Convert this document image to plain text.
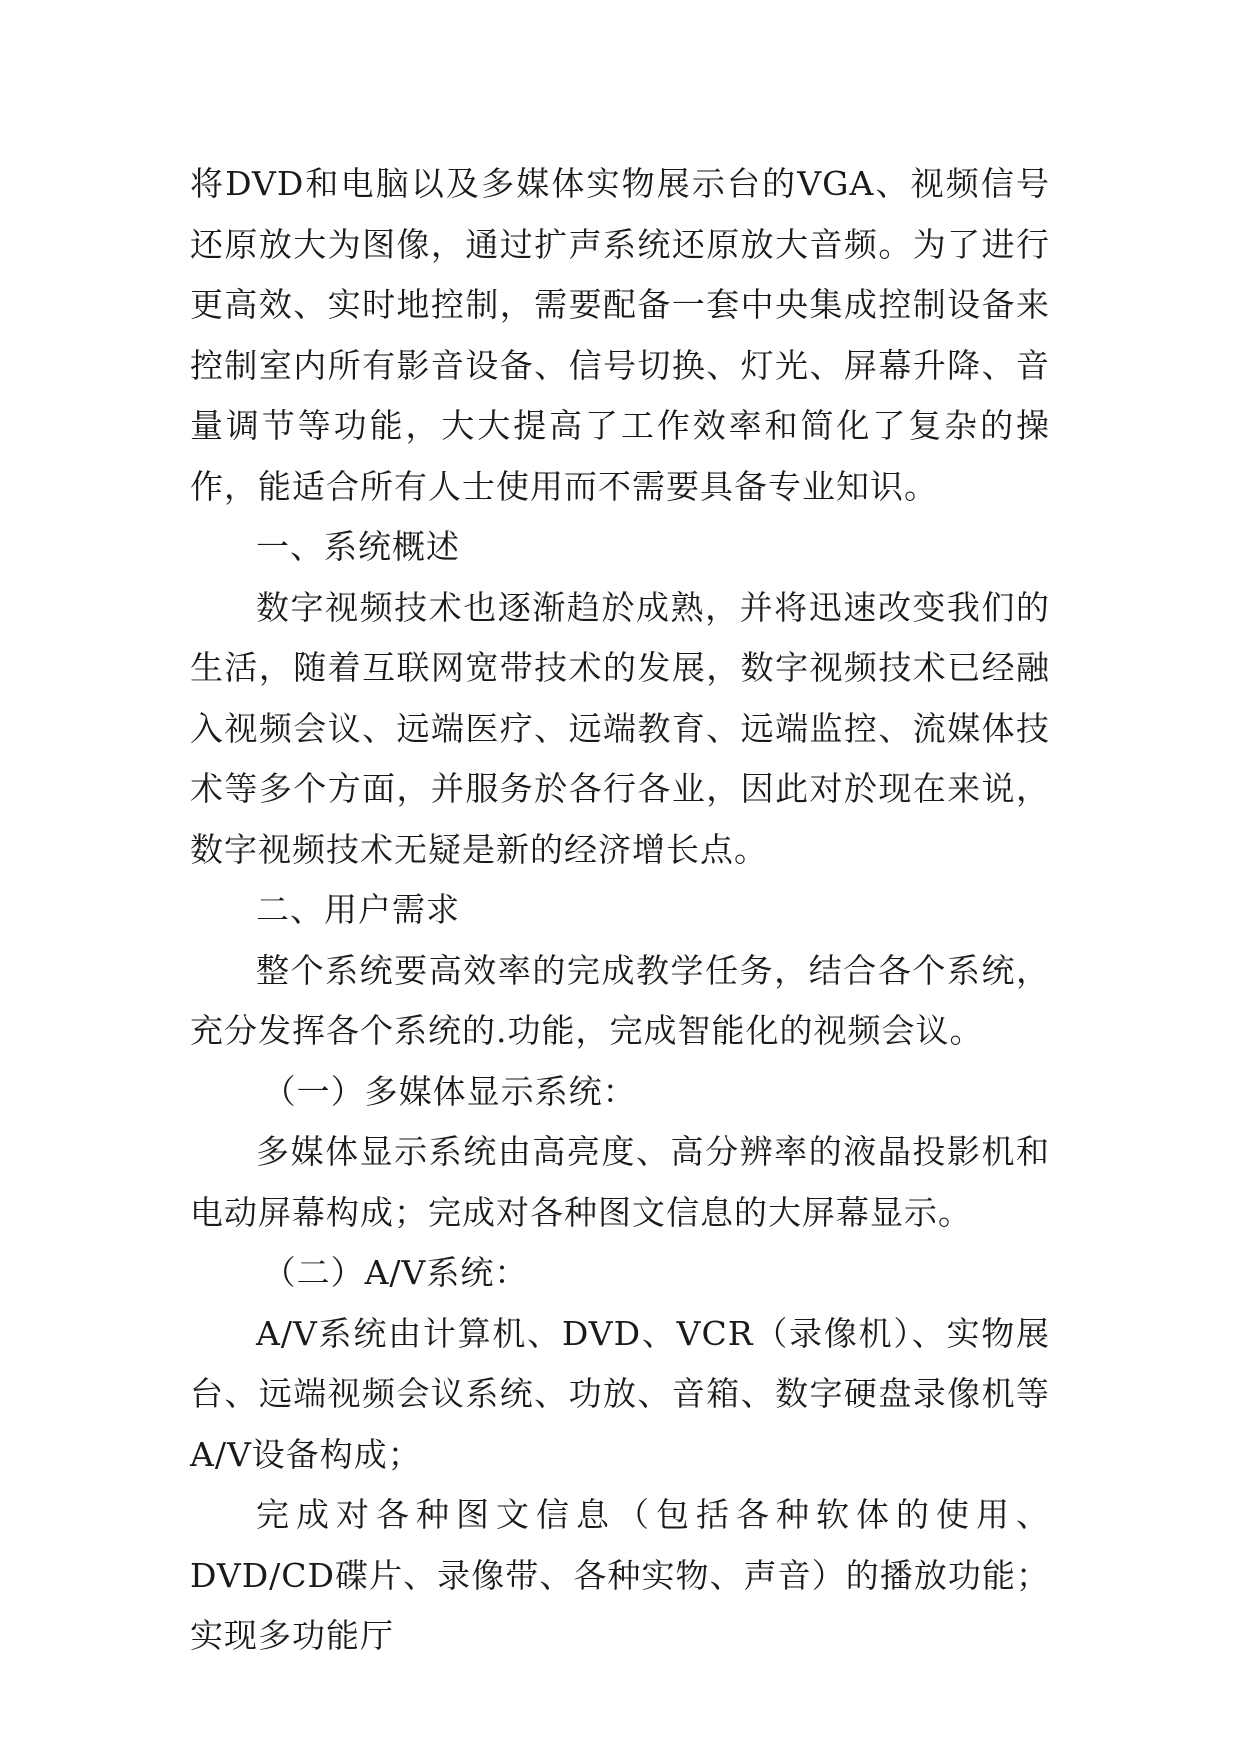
将DVD和电脑以及多媒体实物展示台的VGA、视频信号还原放大为图像，通过扩声系统还原放大音频。为了进行更高效、实时地控制，需要配备一套中央集成控制设备来控制室内所有影音设备、信号切换、灯光、屏幕升降、音量调节等功能，大大提高了工作效率和简化了复杂的操作，能适合所有人士使用而不需要具备专业知识。

一、系统概述

数字视频技术也逐渐趋於成熟，并将迅速改变我们的生活，随着互联网宽带技术的发展，数字视频技术已经融入视频会议、远端医疗、远端教育、远端监控、流媒体技术等多个方面，并服务於各行各业，因此对於现在来说，数字视频技术无疑是新的经济增长点。

二、用户需求

整个系统要高效率的完成教学任务，结合各个系统，充分发挥各个系统的.功能，完成智能化的视频会议。

（一）多媒体显示系统：

多媒体显示系统由高亮度、高分辨率的液晶投影机和电动屏幕构成；完成对各种图文信息的大屏幕显示。

（二）A/V系统：

A/V系统由计算机、DVD、VCR（录像机）、实物展台、远端视频会议系统、功放、音箱、数字硬盘录像机等A/V设备构成；

完成对各种图文信息（包括各种软体的使用、DVD/CD碟片、录像带、各种实物、声音）的播放功能；实现多功能厅
